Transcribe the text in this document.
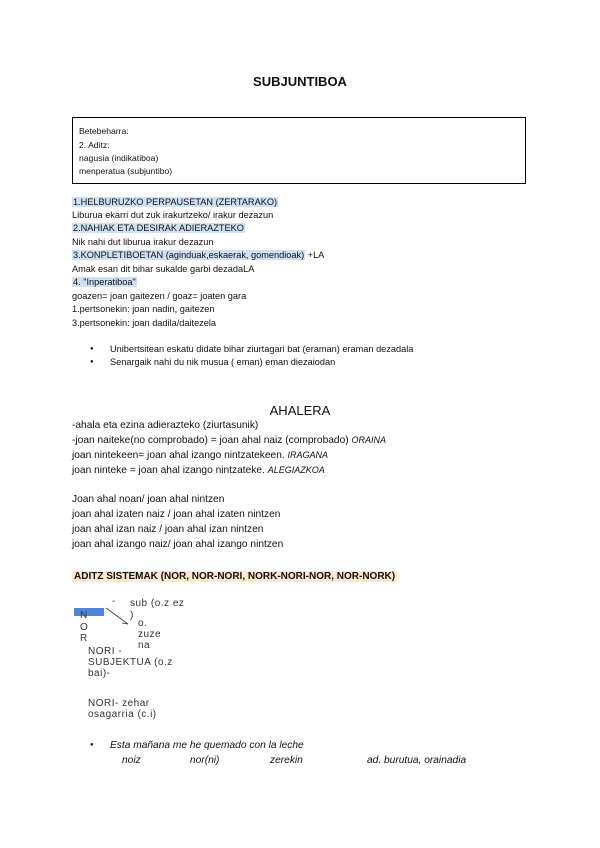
SUBJUNTIBOA
Betebeharra:
2. Aditz:
nagusia (indikatiboa)
menperatua (subjuntibo)
1.HELBURUZKO PERPAUSETAN (ZERTARAKO)
Liburua ekarri dut zuk irakurtzeko/ irakur dezazun
2.NAHIAK ETA DESIRAK ADIERAZTEKO
Nik nahi dut liburua irakur dezazun
3.KONPLETIBOETAN (aginduak,eskaerak, gomendioak) +LA
Amak esan dit bihar sukalde garbi dezadaLA
4. "Inperatiboa"
goazen= joan gaitezen / goaz= joaten gara
1.pertsonekin: joan nadin, gaitezen
3.pertsonekin: joan dadila/daitezela
● Unibertsitean eskatu didate bihar ziurtagari bat (eraman) eraman dezadala
● Senargaik nahi du nik musua ( eman) eman diezaiodan
AHALERA
-ahala eta ezina adierazteko (ziurtasunik)
-joan naiteke(no comprobado) = joan ahal naiz (comprobado) ORAINA
joan nintekeen= joan ahal izango nintzatekeen. IRAGANA
joan ninteke = joan ahal izango nintzateke. ALEGIAZKOA
Joan ahal noan/ joan ahal nintzen
joan ahal izaten naiz / joan ahal izaten nintzen
joan ahal izan naiz / joan ahal izan nintzen
joan ahal izango naiz/ joan ahal izango nintzen
ADITZ SISTEMAK (NOR, NOR-NORI, NORK-NORI-NOR, NOR-NORK)
- sub (o.z ez
)
N
O
R
o.
zuze
na
NORI -
SUBJEKTUA (o.z
bai)-
NORI- zehar
osagarria (c.i)
● Esta mañana me he quemado con la leche
noiz	nor(ni)	zerekin	ad. burutua, orainadia
